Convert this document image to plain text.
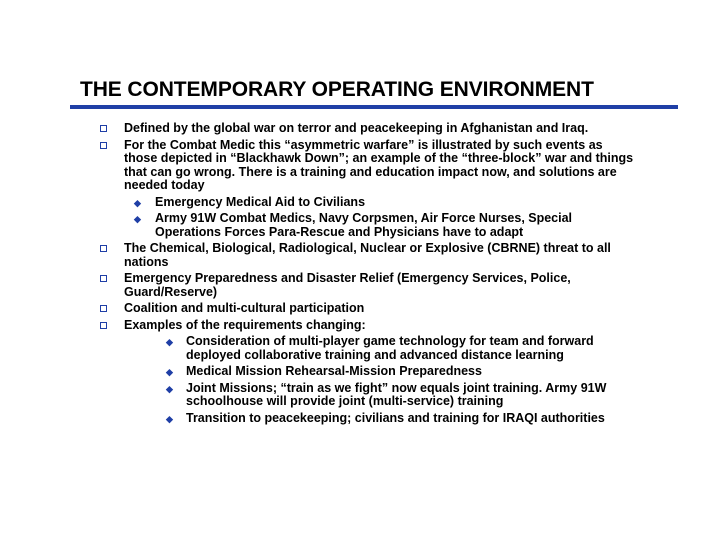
THE CONTEMPORARY OPERATING ENVIRONMENT
Defined by the global war on terror and peacekeeping in Afghanistan and Iraq.
For the Combat Medic this “asymmetric warfare” is illustrated by such events as those depicted in “Blackhawk Down”; an example of the “three-block” war and things that can go wrong. There is a training and education impact now, and solutions are needed today
◆ Emergency Medical Aid to Civilians
◆ Army 91W Combat Medics, Navy Corpsmen, Air Force Nurses, Special Operations Forces Para-Rescue and Physicians have to adapt
The Chemical, Biological, Radiological, Nuclear or Explosive (CBRNE) threat to all nations
Emergency Preparedness and Disaster Relief (Emergency Services, Police, Guard/Reserve)
Coalition and multi-cultural participation
Examples of the requirements changing:
◆ Consideration of multi-player game technology for team and forward deployed collaborative training and advanced distance learning
◆ Medical Mission Rehearsal-Mission Preparedness
◆ Joint Missions; “train as we fight” now equals joint training. Army 91W schoolhouse will provide joint (multi-service) training
◆ Transition to peacekeeping; civilians and training for IRAQI authorities
